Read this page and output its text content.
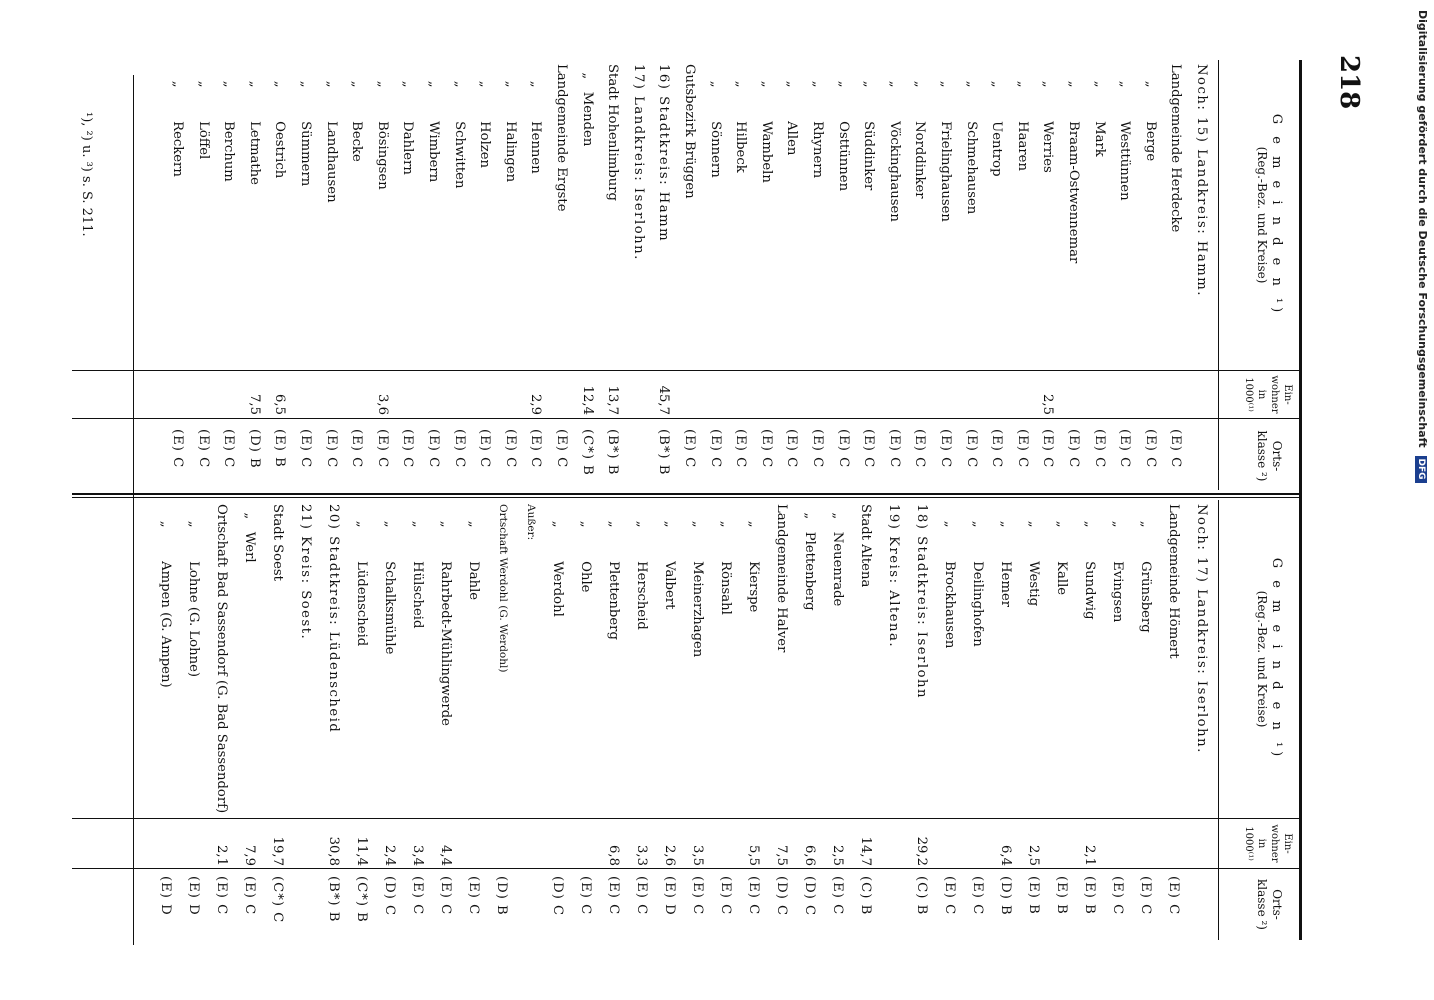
218
G e m e i n d e n ¹)
(Reg.-Bez. und Kreise)
Ein-
wohner
in
1000⁽¹⁾
Orts-
klasse ²)
G e m e i n d e n ¹)
(Reg.-Bez. und Kreise)
Ein-
wohner
in
1000⁽¹⁾
Orts-
klasse ²)
Noch: 15) Landkreis: Hamm.
Landgemeinde Herdecke
(E) C
„        Berge
(E) C
„        Westtünnen
(E) C
„        Mark
(E) C
„        Braam-Ostwennemar
(E) C
„        Werries
2,5
(E) C
„        Haaren
(E) C
„        Uentrop
(E) C
„        Schmehausen
(E) C
„        Frielinghausen
(E) C
„        Norddinker
(E) C
„        Vöckinghausen
(E) C
„        Süddinker
(E) C
„        Osttünnen
(E) C
„        Rhynern
(E) C
„        Allen
(E) C
„        Wambeln
(E) C
„        Hilbeck
(E) C
„        Sönnern
(E) C
Gutsbezirk Brüggen
(E) C
16) Stadtkreis: Hamm
45,7
(B*) B
17) Landkreis: Iserlohn.
Stadt Hohenlimburg
13,7
(B*) B
„   Menden
12,4
(C*) B
Landgemeinde Ergste
(E) C
„        Hennen
2,9
(E) C
„        Halingen
(E) C
„        Holzen
(E) C
„        Schwitten
(E) C
„        Wimbern
(E) C
„        Dahlern
(E) C
„        Bösingsen
3,6
(E) C
„        Becke
(E) C
„        Landhausen
(E) C
„        Sümmern
(E) C
„        Oestrich
6,5
(E) B
„        Letmathe
7,5
(D) B
„        Berchum
(E) C
„        Löffel
(E) C
„        Reckern
(E) C
Noch: 17) Landkreis: Iserlohn.
Landgemeinde Hömert
(E) C
„        Grünsberg
(E) C
„        Evingsen
(E) C
„        Sundwig
2,1
(E) B
„        Kalle
(E) B
„        Westig
2,5
(E) B
„        Hemer
6,4
(D) B
„        Deilinghofen
(E) C
„        Brockhausen
(E) C
18) Stadtkreis: Iserlohn
29,2
(C) B
19) Kreis: Altena.
Stadt Altena
14,7
(C) B
„   Neuenrade
2,5
(E) C
„   Plettenberg
6,6
(D) C
Landgemeinde Halver
7,5
(D) C
„        Kierspe
5,5
(E) C
„        Rönsahl
(E) C
„        Meinerzhagen
3,5
(E) C
„        Valbert
2,6
(E) D
„        Herscheid
3,3
(E) C
„        Plettenberg
6,8
(E) C
„        Ohle
(E) C
„        Werdohl
(D) C
Außer:
Ortschaft Werdohl (G. Werdohl)
(D) B
„        Dahle
(E) C
„        Rahrbedt-Mühlingwerde
4,4
(E) C
„        Hülscheid
3,4
(E) C
„        Schalksmühle
2,4
(D) C
„        Lüdenscheid
11,4
(C*) B
20) Stadtkreis: Lüdenscheid
30,8
(B*) B
21) Kreis: Soest.
Stadt Soest
19,7
(C*) C
„   Werl
7,9
(E) C
Ortschaft Bad Sassendorf (G. Bad Sassendorf)
2,1
(E) C
„        Lohne (G. Lohne)
(E) D
„        Ampen (G. Ampen)
(E) D
¹), ²) u. ³) s. S. 211.	Digitalisierung gefördert durch die Deutsche Forschungsgemeinschaft DFG
